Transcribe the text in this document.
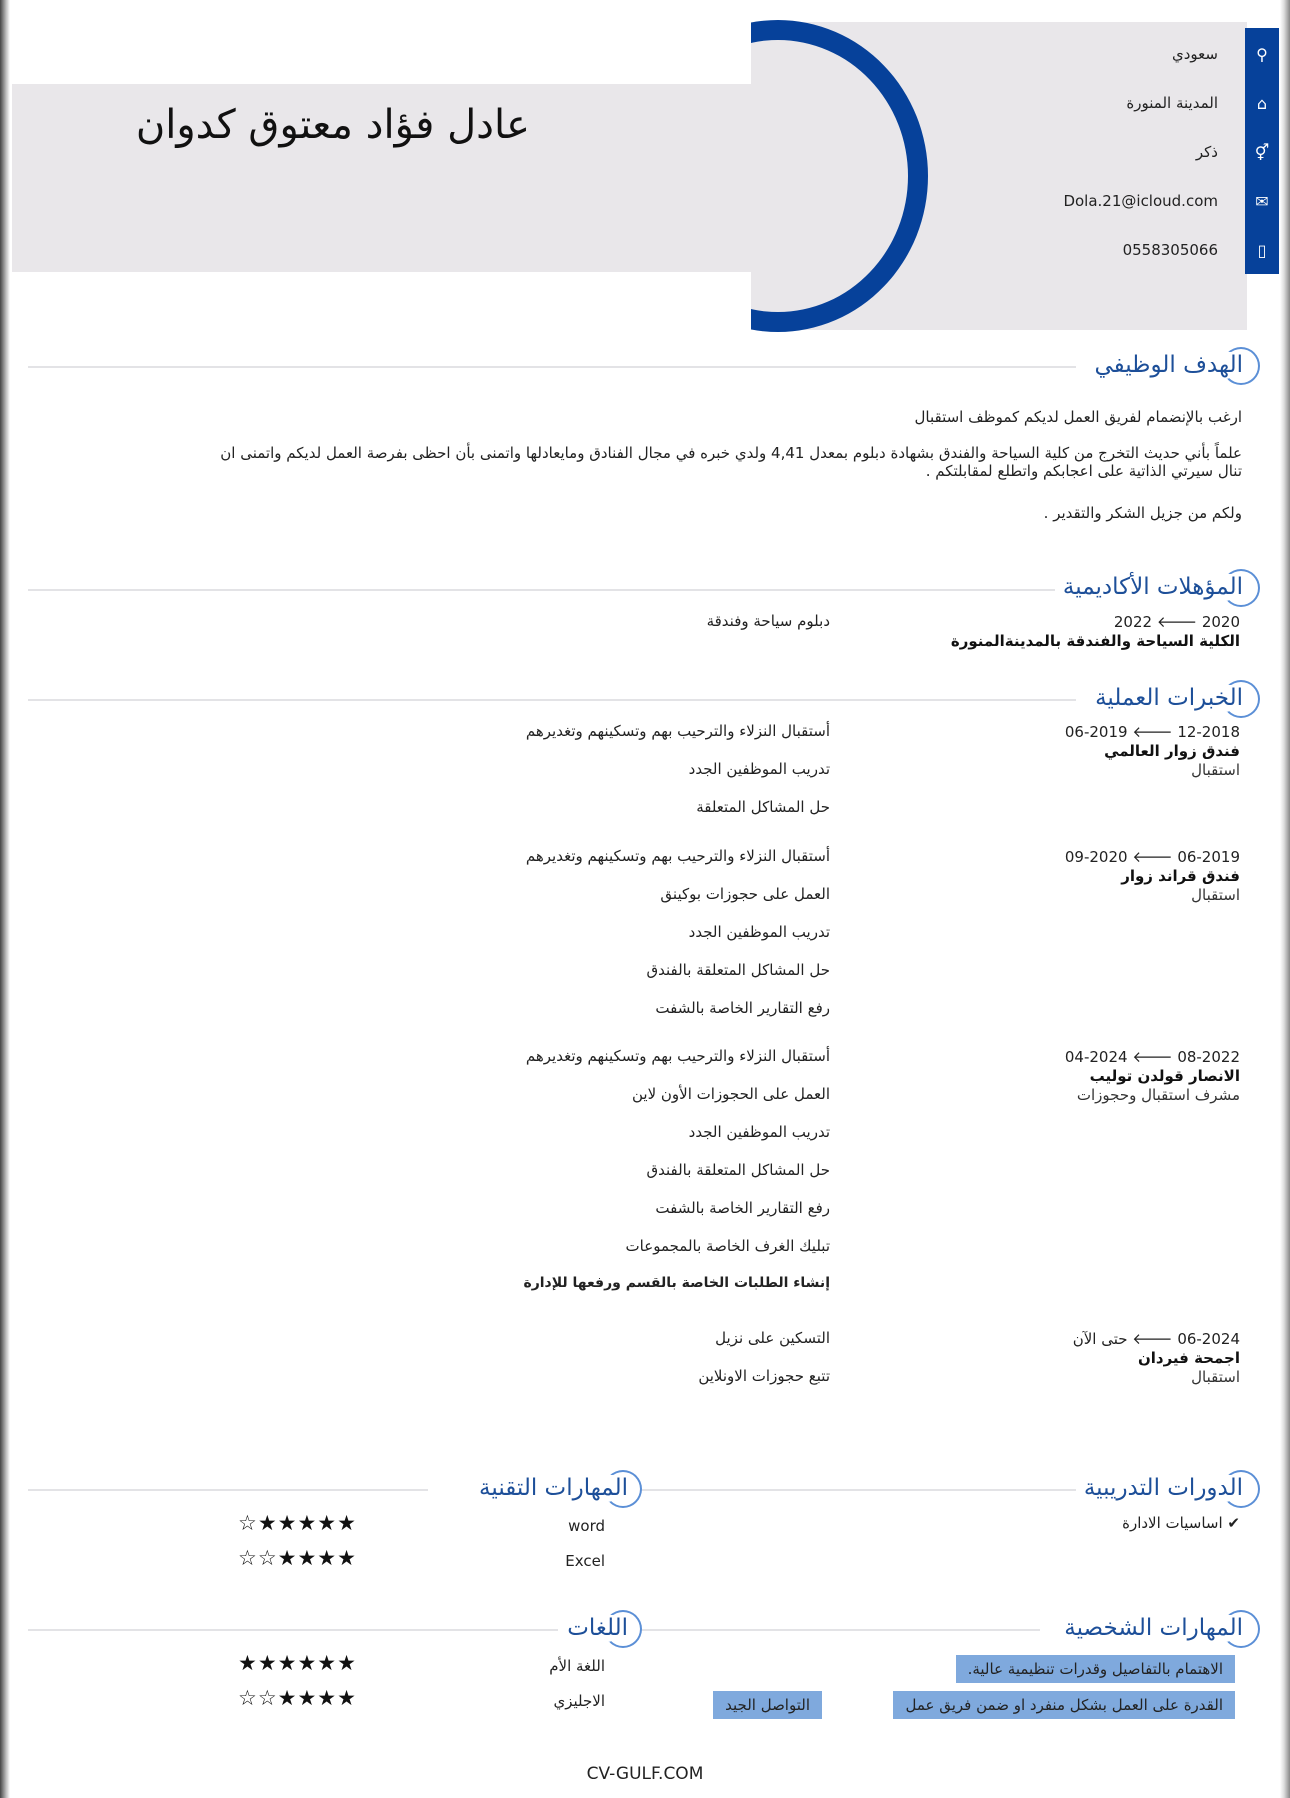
عادل فؤاد معتوق كدوان
⚲
سعودي
⌂
المدينة المنورة
⚥
ذكر
✉
Dola.21@icloud.com
▯
0558305066
الهدف الوظيفي
ارغب بالإنضمام لفريق العمل لديكم كموظف استقبال
علماً بأني حديث التخرج من كلية السياحة والفندق بشهادة دبلوم بمعدل 4,41 ولدي خبره في مجال الفنادق ومايعادلها واتمنى بأن احظى بفرصة العمل لديكم واتمنى ان
تنال سيرتي الذاتية على اعجابكم واتطلع لمقابلتكم .
ولكم من جزيل الشكر والتقدير .
المؤهلات الأكاديمية
2020 🡐 2022
الكلية السياحة والفندقة بالمدينةالمنورة
دبلوم سياحة وفندقة
الخبرات العملية
12-2018 🡐 06-2019
فندق زوار العالمي
استقبال
أستقبال النزلاء والترحيب بهم وتسكينهم وتغديرهم
تدريب الموظفين الجدد
حل المشاكل المتعلقة
06-2019 🡐 09-2020
فندق قراند زوار
استقبال
أستقبال النزلاء والترحيب بهم وتسكينهم وتغديرهم
العمل على حجوزات بوكينق
تدريب الموظفين الجدد
حل المشاكل المتعلقة بالفندق
رفع التقارير الخاصة بالشفت
08-2022 🡐 04-2024
الانصار قولدن توليب
مشرف استقبال وحجوزات
أستقبال النزلاء والترحيب بهم وتسكينهم وتغديرهم
العمل على الحجوزات الأون لاين
تدريب الموظفين الجدد
حل المشاكل المتعلقة بالفندق
رفع التقارير الخاصة بالشفت
تبليك الغرف الخاصة بالمجموعات
إنشاء الطلبات الخاصة بالقسم ورفعها للإدارة
06-2024 🡐 حتى الآن
اجمحة فيردان
استقبال
التسكين على نزيل
تتبع حجوزات الاونلاين
الدورات التدريبية
✔ اساسيات الادارة
المهارات التقنية
word
★★★★★☆
Excel
★★★★☆☆
المهارات الشخصية
الاهتمام بالتفاصيل وقدرات تنظيمية عالية.
القدرة على العمل بشكل منفرد او ضمن فريق عمل
التواصل الجيد
اللغات
اللغة الأم
★★★★★★
الاجليزي
★★★★☆☆
CV-GULF.COM
